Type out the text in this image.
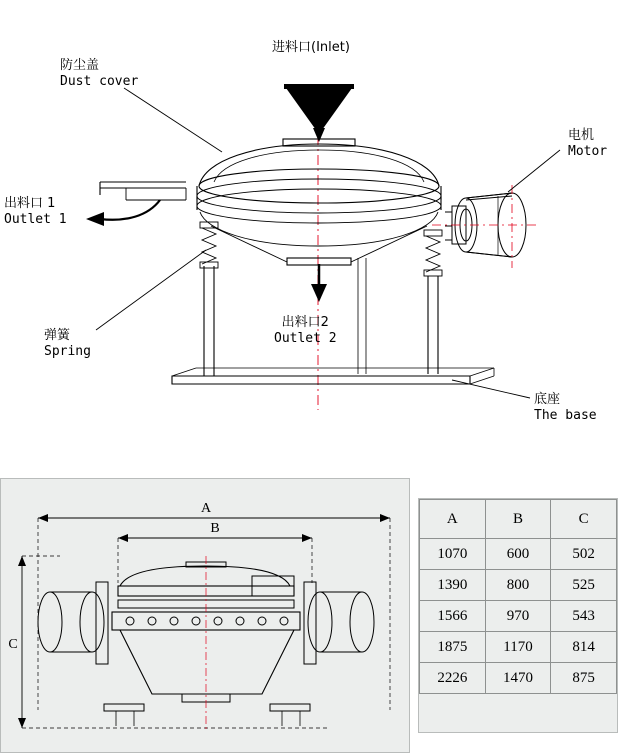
进料口(Inlet)
防尘盖
Dust cover
电机
Motor
出料口 1
Outlet 1
弹簧
Spring
出料口2
Outlet 2
底座
The base
A
B
C
A	B	C
1070	600	502
1390	800	525
1566	970	543
1875	1170	814
2226	1470	875
